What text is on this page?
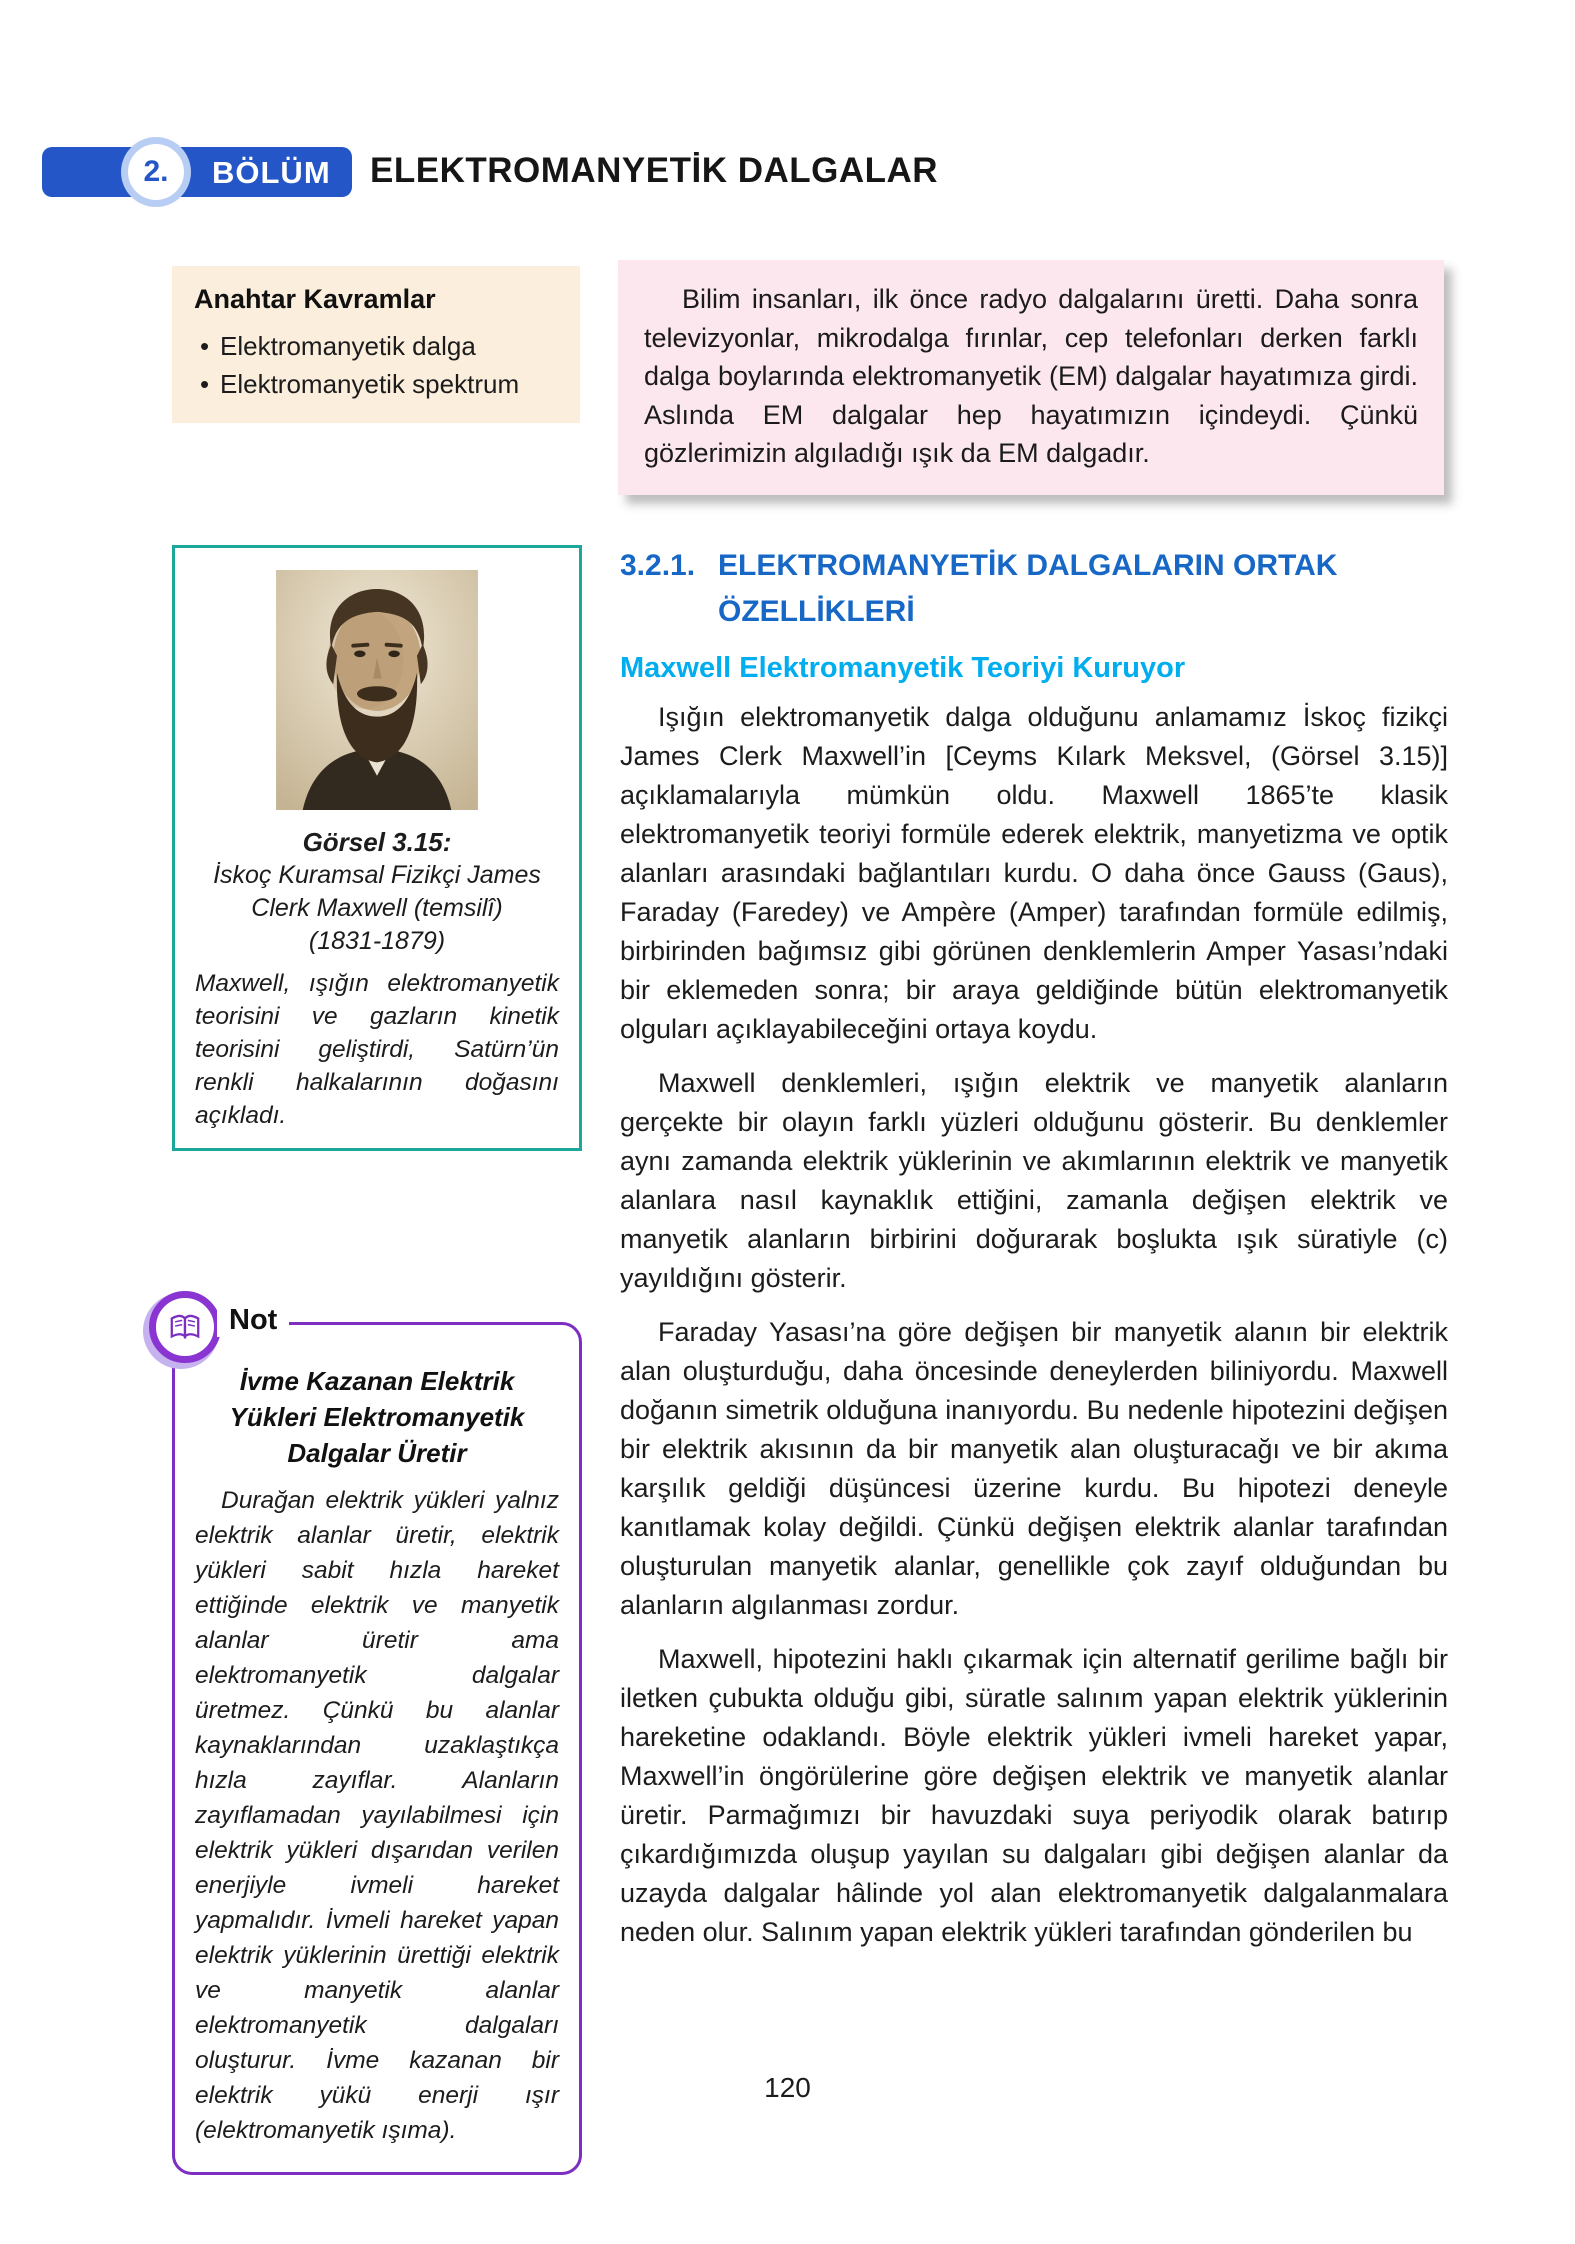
2.	BÖLÜM ELEKTROMANYETİK DALGALAR
Anahtar Kavramlar
• Elektromanyetik dalga
• Elektromanyetik spektrum

Bilim insanları, ilk önce radyo dalgalarını üretti. Daha sonra televizyonlar, mikrodalga fırınlar, cep telefonları derken farklı dalga boylarında elektromanyetik (EM) dalgalar hayatımıza girdi. Aslında EM dalgalar hep hayatımızın içindeydi. Çünkü gözlerimizin algıladığı ışık da EM dalgadır.

Görsel 3.15:
İskoç Kuramsal Fizikçi James
Clerk Maxwell (temsilî)
(1831-1879)
Maxwell, ışığın elektromanyetik teorisini ve gazların kinetik teorisini geliştirdi, Satürn’ün renkli halkalarının doğasını açıkladı.
Not
İvme Kazanan Elektrik Yükleri Elektromanyetik Dalgalar Üretir
Durağan elektrik yükleri yalnız elektrik alanlar üretir, elektrik yükleri sabit hızla hareket ettiğinde elektrik ve manyetik alanlar üretir ama elektromanyetik dalgalar üretmez. Çünkü bu alanlar kaynaklarından uzaklaştıkça hızla zayıflar. Alanların zayıflamadan yayılabilmesi için elektrik yükleri dışarıdan verilen enerjiyle ivmeli hareket yapmalıdır. İvmeli hareket yapan elektrik yüklerinin ürettiği elektrik ve manyetik alanlar elektromanyetik dalgaları oluşturur. İvme kazanan bir elektrik yükü enerji ışır (elektromanyetik ışıma).
3.2.1. ELEKTROMANYETİK DALGALARIN ORTAK
ÖZELLİKLERİ
Maxwell Elektromanyetik Teoriyi Kuruyor

Işığın elektromanyetik dalga olduğunu anlamamız İskoç fizikçi James Clerk Maxwell’in [Ceyms Kılark Meksvel, (Görsel 3.15)] açıklamalarıyla mümkün oldu. Maxwell 1865’te klasik elektromanyetik teoriyi formüle ederek elektrik, manyetizma ve optik alanları arasındaki bağlantıları kurdu. O daha önce Gauss (Gaus), Faraday (Faredey) ve Ampère (Amper) tarafından formüle edilmiş, birbirinden bağımsız gibi görünen denklemlerin Amper Yasası’ndaki bir eklemeden sonra; bir araya geldiğinde bütün elektromanyetik olguları açıklayabileceğini ortaya koydu.

Maxwell denklemleri, ışığın elektrik ve manyetik alanların gerçekte bir olayın farklı yüzleri olduğunu gösterir. Bu denklemler aynı zamanda elektrik yüklerinin ve akımlarının elektrik ve manyetik alanlara nasıl kaynaklık ettiğini, zamanla değişen elektrik ve manyetik alanların birbirini doğurarak boşlukta ışık süratiyle (c) yayıldığını gösterir.

Faraday Yasası’na göre değişen bir manyetik alanın bir elektrik alan oluşturduğu, daha öncesinde deneylerden biliniyordu. Maxwell doğanın simetrik olduğuna inanıyordu. Bu nedenle hipotezini değişen bir elektrik akısının da bir manyetik alan oluşturacağı ve bir akıma karşılık geldiği düşüncesi üzerine kurdu. Bu hipotezi deneyle kanıtlamak kolay değildi. Çünkü değişen elektrik alanlar tarafından oluşturulan manyetik alanlar, genellikle çok zayıf olduğundan bu alanların algılanması zordur.

Maxwell, hipotezini haklı çıkarmak için alternatif gerilime bağlı bir iletken çubukta olduğu gibi, süratle salınım yapan elektrik yüklerinin hareketine odaklandı. Böyle elektrik yükleri ivmeli hareket yapar, Maxwell’in öngörülerine göre değişen elektrik ve manyetik alanlar üretir. Parmağımızı bir havuzdaki suya periyodik olarak batırıp çıkardığımızda oluşup yayılan su dalgaları gibi değişen alanlar da uzayda dalgalar hâlinde yol alan elektromanyetik dalgalanmalara neden olur. Salınım yapan elektrik yükleri tarafından gönderilen bu

120
